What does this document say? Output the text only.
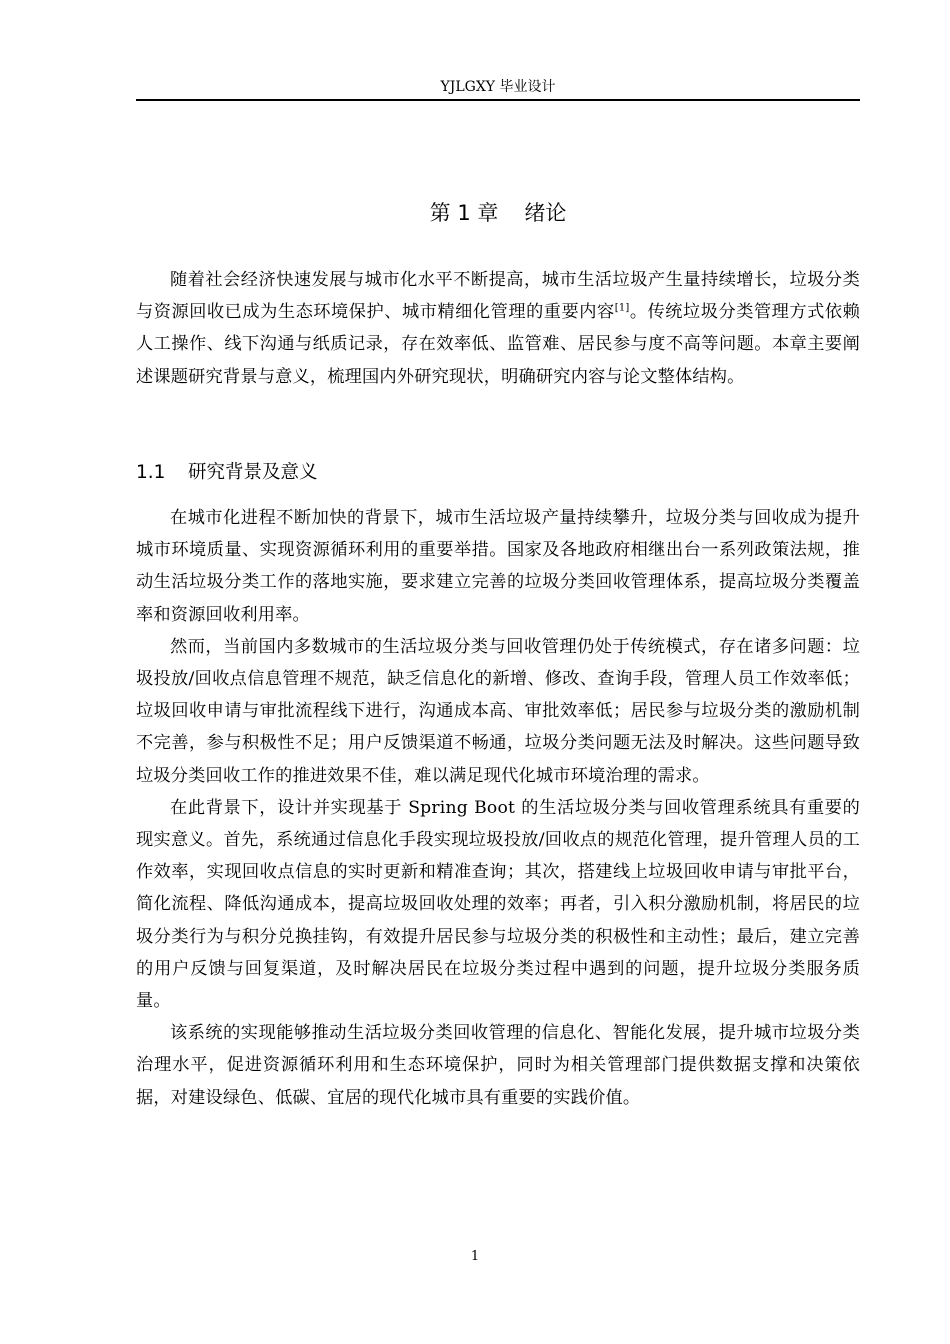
YJLGXY 毕业设计
第 1 章 绪论

随着社会经济快速发展与城市化水平不断提高，城市生活垃圾产生量持续增长，垃圾分类与资源回收已成为生态环境保护、城市精细化管理的重要内容[1]。传统垃圾分类管理方式依赖人工操作、线下沟通与纸质记录，存在效率低、监管难、居民参与度不高等问题。本章主要阐述课题研究背景与意义，梳理国内外研究现状，明确研究内容与论文整体结构。

1.1 研究背景及意义

在城市化进程不断加快的背景下，城市生活垃圾产量持续攀升，垃圾分类与回收成为提升城市环境质量、实现资源循环利用的重要举措。国家及各地政府相继出台一系列政策法规，推动生活垃圾分类工作的落地实施，要求建立完善的垃圾分类回收管理体系，提高垃圾分类覆盖率和资源回收利用率。

然而，当前国内多数城市的生活垃圾分类与回收管理仍处于传统模式，存在诸多问题：垃圾投放/回收点信息管理不规范，缺乏信息化的新增、修改、查询手段，管理人员工作效率低；垃圾回收申请与审批流程线下进行，沟通成本高、审批效率低；居民参与垃圾分类的激励机制不完善，参与积极性不足；用户反馈渠道不畅通，垃圾分类问题无法及时解决。这些问题导致垃圾分类回收工作的推进效果不佳，难以满足现代化城市环境治理的需求。

在此背景下，设计并实现基于 Spring Boot 的生活垃圾分类与回收管理系统具有重要的现实意义。首先，系统通过信息化手段实现垃圾投放/回收点的规范化管理，提升管理人员的工作效率，实现回收点信息的实时更新和精准查询；其次，搭建线上垃圾回收申请与审批平台，简化流程、降低沟通成本，提高垃圾回收处理的效率；再者，引入积分激励机制，将居民的垃圾分类行为与积分兑换挂钩，有效提升居民参与垃圾分类的积极性和主动性；最后，建立完善的用户反馈与回复渠道，及时解决居民在垃圾分类过程中遇到的问题，提升垃圾分类服务质量。

该系统的实现能够推动生活垃圾分类回收管理的信息化、智能化发展，提升城市垃圾分类治理水平，促进资源循环利用和生态环境保护，同时为相关管理部门提供数据支撑和决策依据，对建设绿色、低碳、宜居的现代化城市具有重要的实践价值。

1
